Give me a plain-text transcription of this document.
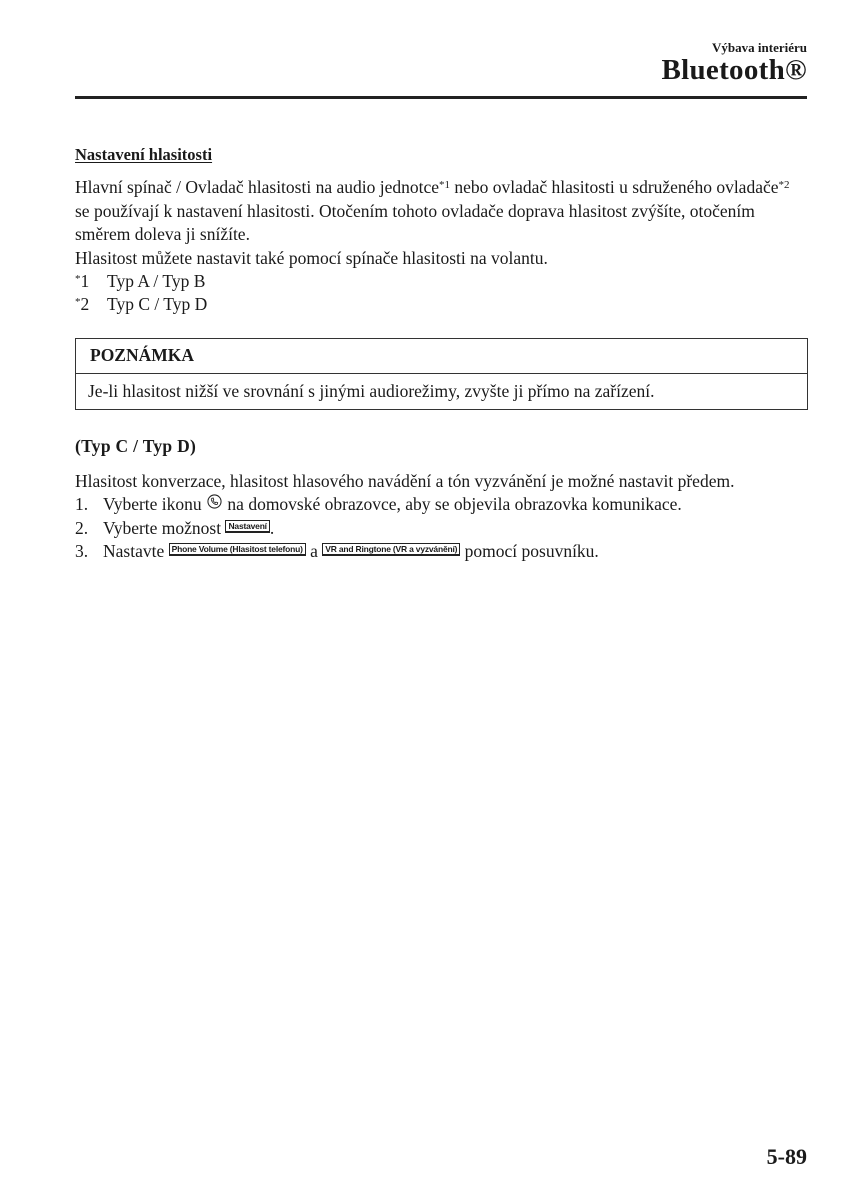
Výbava interiéru
Bluetooth®
Nastavení hlasitosti

Hlavní spínač / Ovladač hlasitosti na audio jednotce$^{*1}$ nebo ovladač hlasitosti u sdruženého ovladače$^{*2}$ se používají k nastavení hlasitosti. Otočením tohoto ovladače doprava hlasitost zvýšíte, otočením směrem doleva ji snížíte.

Hlasitost můžete nastavit také pomocí spínače hlasitosti na volantu.

*1 Typ A / Typ B
*2 Typ C / Typ D
POZNÁMKA
Je-li hlasitost nižší ve srovnání s jinými audiorežimy, zvyšte ji přímo na zařízení.
(Typ C / Typ D)

Hlasitost konverzace, hlasitost hlasového navádění a tón vyzvánění je možné nastavit předem.

1. Vyberte ikonu  na domovské obrazovce, aby se objevila obrazovka komunikace.
2. Vyberte možnost Nastavení .
3. Nastavte Phone Volume (Hlasitost telefonu) a VR and Ringtone (VR a vyzvánění) pomocí posuvníku.
5-89
